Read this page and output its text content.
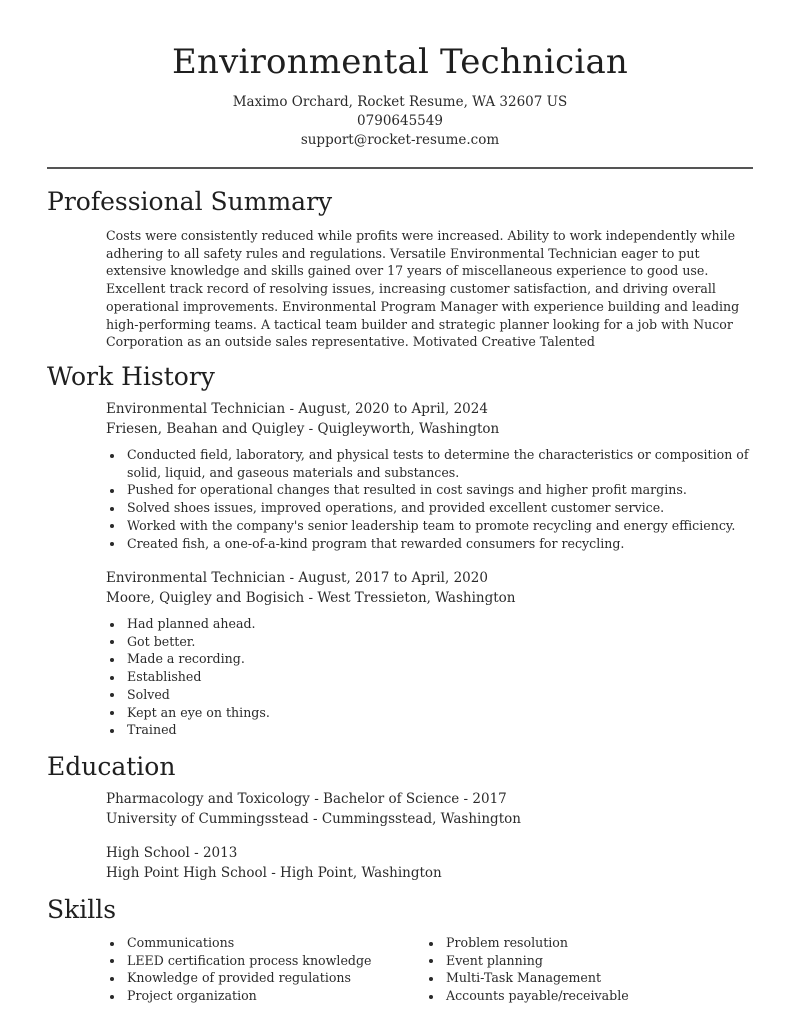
Environmental Technician
Maximo Orchard, Rocket Resume, WA 32607 US
0790645549
support@rocket-resume.com
Professional Summary

Costs were consistently reduced while profits were increased. Ability to work independently while adhering to all safety rules and regulations. Versatile Environmental Technician eager to put extensive knowledge and skills gained over 17 years of miscellaneous experience to good use. Excellent track record of resolving issues, increasing customer satisfaction, and driving overall operational improvements. Environmental Program Manager with experience building and leading high-performing teams. A tactical team builder and strategic planner looking for a job with Nucor Corporation as an outside sales representative. Motivated Creative Talented

Work History
Environmental Technician - August, 2020 to April, 2024
Friesen, Beahan and Quigley - Quigleyworth, Washington
Conducted field, laboratory, and physical tests to determine the characteristics or composition of solid, liquid, and gaseous materials and substances.
Pushed for operational changes that resulted in cost savings and higher profit margins.
Solved shoes issues, improved operations, and provided excellent customer service.
Worked with the company's senior leadership team to promote recycling and energy efficiency.
Created fish, a one-of-a-kind program that rewarded consumers for recycling.
Environmental Technician - August, 2017 to April, 2020
Moore, Quigley and Bogisich - West Tressieton, Washington
Had planned ahead.
Got better.
Made a recording.
Established
Solved
Kept an eye on things.
Trained
Education
Pharmacology and Toxicology - Bachelor of Science - 2017
University of Cummingsstead - Cummingsstead, Washington
High School - 2013
High Point High School - High Point, Washington
Skills
Communications
LEED certification process knowledge
Knowledge of provided regulations
Project organization
Problem resolution
Event planning
Multi-Task Management
Accounts payable/receivable
